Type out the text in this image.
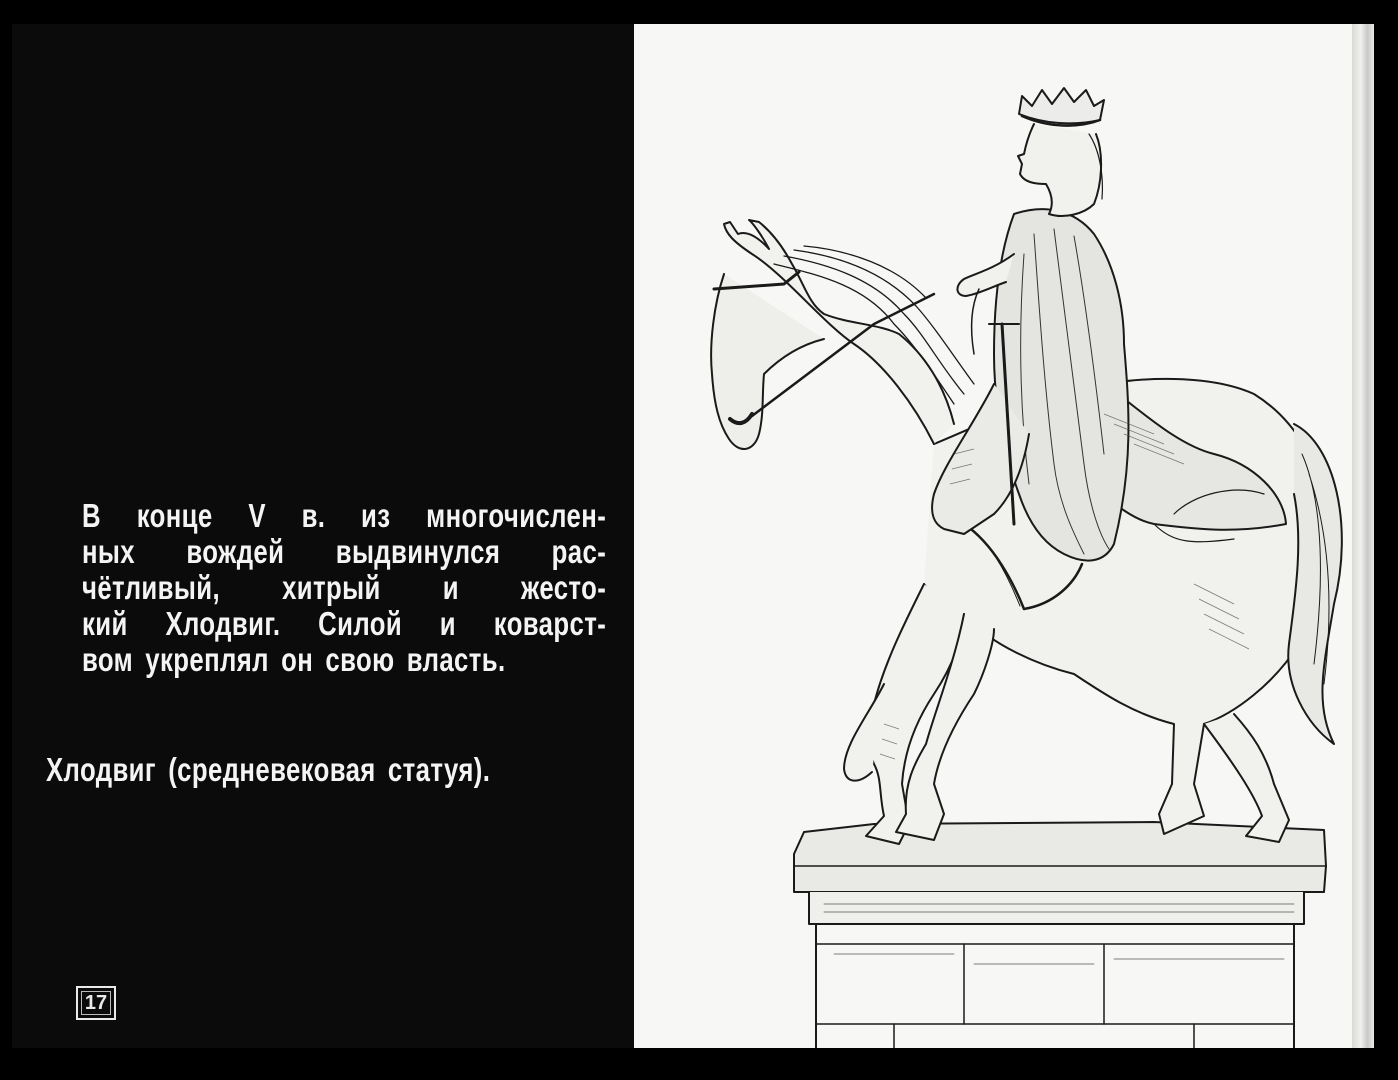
В конце V в. из многочислен-
ных вождей выдвинулся рас-
чётливый, хитрый и жесто-
кий Хлодвиг. Силой и коварст-
вом укреплял он свою власть.
Хлодвиг (средневековая статуя).
17
